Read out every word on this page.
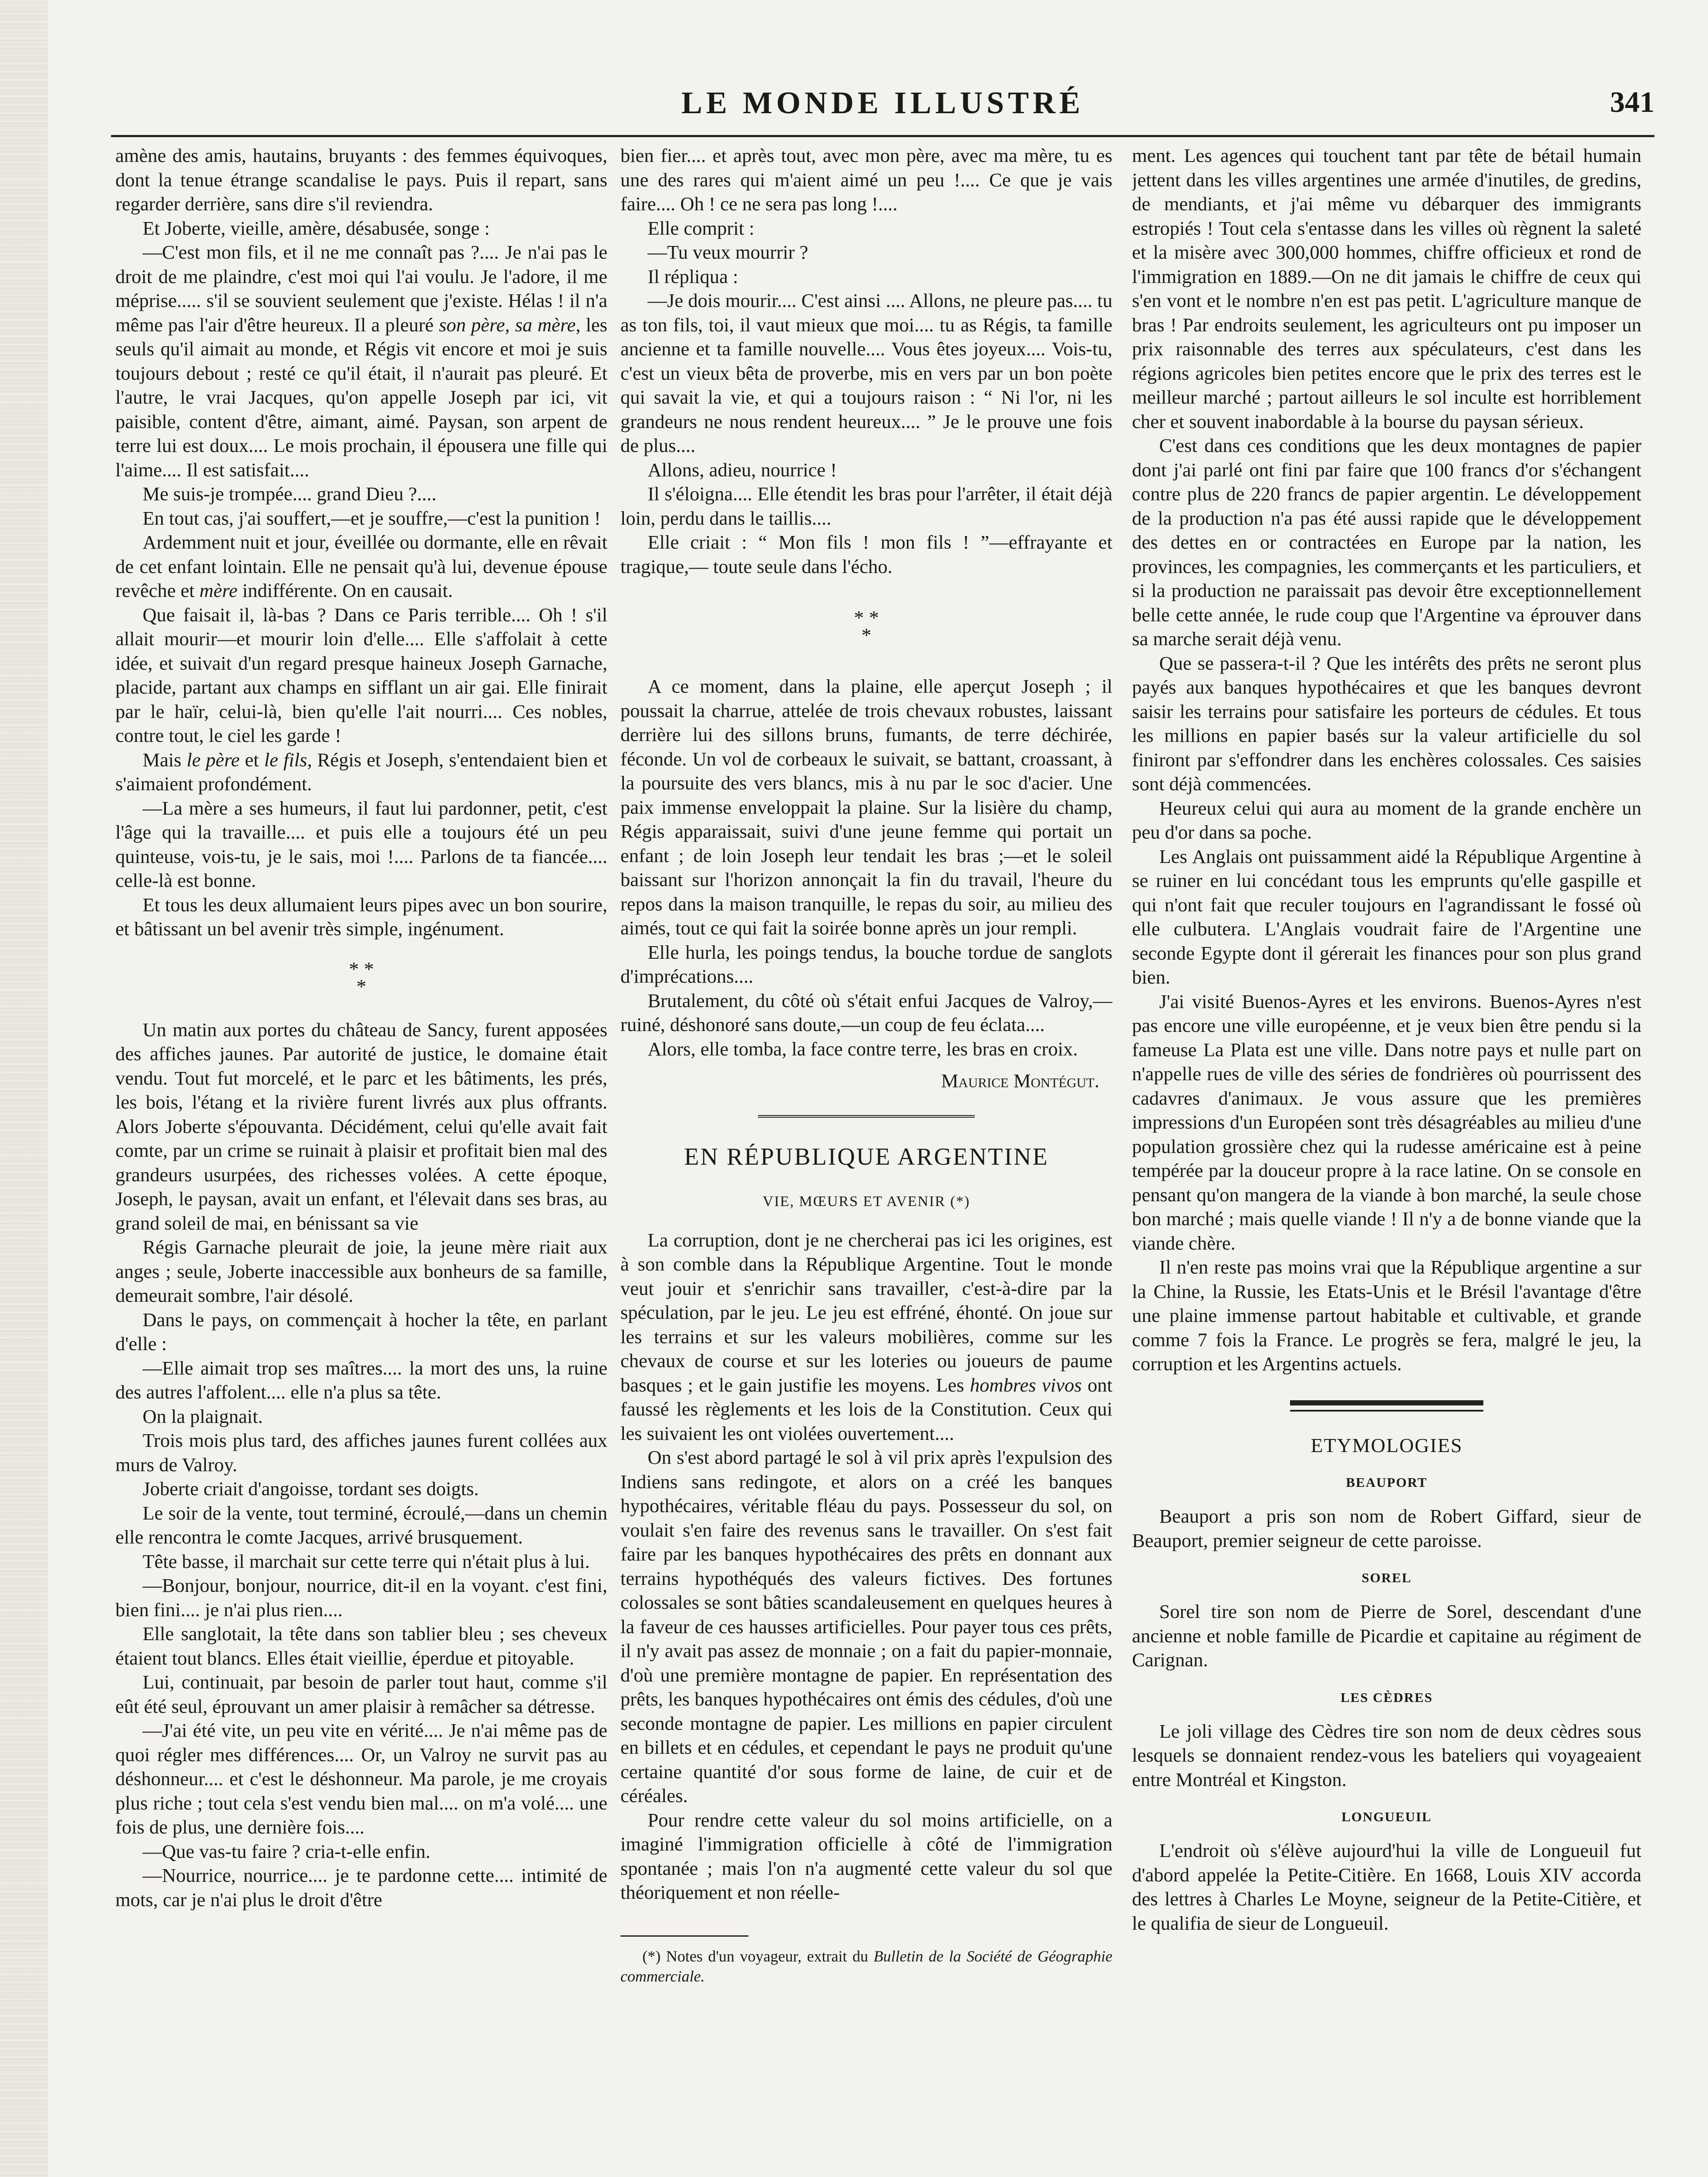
LE MONDE ILLUSTRÉ	341

amène des amis, hautains, bruyants : des femmes équivoques, dont la tenue étrange scandalise le pays. Puis il repart, sans regarder derrière, sans dire s'il reviendra.

Et Joberte, vieille, amère, désabusée, songe :

—C'est mon fils, et il ne me connaît pas ?.... Je n'ai pas le droit de me plaindre, c'est moi qui l'ai voulu. Je l'adore, il me méprise..... s'il se souvient seulement que j'existe. Hélas ! il n'a même pas l'air d'être heureux. Il a pleuré son père, sa mère, les seuls qu'il aimait au monde, et Régis vit encore et moi je suis toujours debout ; resté ce qu'il était, il n'aurait pas pleuré. Et l'autre, le vrai Jacques, qu'on appelle Joseph par ici, vit paisible, content d'être, aimant, aimé. Paysan, son arpent de terre lui est doux.... Le mois prochain, il épousera une fille qui l'aime.... Il est satisfait....

Me suis-je trompée.... grand Dieu ?....

En tout cas, j'ai souffert,—et je souffre,—c'est la punition !

Ardemment nuit et jour, éveillée ou dormante, elle en rêvait de cet enfant lointain. Elle ne pensait qu'à lui, devenue épouse revêche et mère indifférente. On en causait.

Que faisait il, là-bas ? Dans ce Paris terrible.... Oh ! s'il allait mourir—et mourir loin d'elle.... Elle s'affolait à cette idée, et suivait d'un regard presque haineux Joseph Garnache, placide, partant aux champs en sifflant un air gai. Elle finirait par le haïr, celui-là, bien qu'elle l'ait nourri.... Ces nobles, contre tout, le ciel les garde !

Mais le père et le fils, Régis et Joseph, s'entendaient bien et s'aimaient profondément.

—La mère a ses humeurs, il faut lui pardonner, petit, c'est l'âge qui la travaille.... et puis elle a toujours été un peu quinteuse, vois-tu, je le sais, moi !.... Parlons de ta fiancée.... celle-là est bonne.

Et tous les deux allumaient leurs pipes avec un bon sourire, et bâtissant un bel avenir très simple, ingénument.

* *
*

Un matin aux portes du château de Sancy, furent apposées des affiches jaunes. Par autorité de justice, le domaine était vendu. Tout fut morcelé, et le parc et les bâtiments, les prés, les bois, l'étang et la rivière furent livrés aux plus offrants. Alors Joberte s'épouvanta. Décidément, celui qu'elle avait fait comte, par un crime se ruinait à plaisir et profitait bien mal des grandeurs usurpées, des richesses volées. A cette époque, Joseph, le paysan, avait un enfant, et l'élevait dans ses bras, au grand soleil de mai, en bénissant sa vie

Régis Garnache pleurait de joie, la jeune mère riait aux anges ; seule, Joberte inaccessible aux bonheurs de sa famille, demeurait sombre, l'air désolé.

Dans le pays, on commençait à hocher la tête, en parlant d'elle :

—Elle aimait trop ses maîtres.... la mort des uns, la ruine des autres l'affolent.... elle n'a plus sa tête.

On la plaignait.

Trois mois plus tard, des affiches jaunes furent collées aux murs de Valroy.

Joberte criait d'angoisse, tordant ses doigts.

Le soir de la vente, tout terminé, écroulé,—dans un chemin elle rencontra le comte Jacques, arrivé brusquement.

Tête basse, il marchait sur cette terre qui n'était plus à lui.

—Bonjour, bonjour, nourrice, dit-il en la voyant. c'est fini, bien fini.... je n'ai plus rien....

Elle sanglotait, la tête dans son tablier bleu ; ses cheveux étaient tout blancs. Elles était vieillie, éperdue et pitoyable.

Lui, continuait, par besoin de parler tout haut, comme s'il eût été seul, éprouvant un amer plaisir à remâcher sa détresse.

—J'ai été vite, un peu vite en vérité.... Je n'ai même pas de quoi régler mes différences.... Or, un Valroy ne survit pas au déshonneur.... et c'est le déshonneur. Ma parole, je me croyais plus riche ; tout cela s'est vendu bien mal.... on m'a volé.... une fois de plus, une dernière fois....

—Que vas-tu faire ? cria-t-elle enfin.

—Nourrice, nourrice.... je te pardonne cette.... intimité de mots, car je n'ai plus le droit d'être

bien fier.... et après tout, avec mon père, avec ma mère, tu es une des rares qui m'aient aimé un peu !.... Ce que je vais faire.... Oh ! ce ne sera pas long !....

Elle comprit :

—Tu veux mourrir ?

Il répliqua :

—Je dois mourir.... C'est ainsi .... Allons, ne pleure pas.... tu as ton fils, toi, il vaut mieux que moi.... tu as Régis, ta famille ancienne et ta famille nouvelle.... Vous êtes joyeux.... Vois-tu, c'est un vieux bêta de proverbe, mis en vers par un bon poète qui savait la vie, et qui a toujours raison : “ Ni l'or, ni les grandeurs ne nous rendent heureux.... ” Je le prouve une fois de plus....

Allons, adieu, nourrice !

Il s'éloigna.... Elle étendit les bras pour l'arrêter, il était déjà loin, perdu dans le taillis....

Elle criait : “ Mon fils ! mon fils ! ”—effrayante et tragique,— toute seule dans l'écho.

* *
*

A ce moment, dans la plaine, elle aperçut Joseph ; il poussait la charrue, attelée de trois chevaux robustes, laissant derrière lui des sillons bruns, fumants, de terre déchirée, féconde. Un vol de corbeaux le suivait, se battant, croassant, à la poursuite des vers blancs, mis à nu par le soc d'acier. Une paix immense enveloppait la plaine. Sur la lisière du champ, Régis apparaissait, suivi d'une jeune femme qui portait un enfant ; de loin Joseph leur tendait les bras ;—et le soleil baissant sur l'horizon annonçait la fin du travail, l'heure du repos dans la maison tranquille, le repas du soir, au milieu des aimés, tout ce qui fait la soirée bonne après un jour rempli.

Elle hurla, les poings tendus, la bouche tordue de sanglots d'imprécations....

Brutalement, du côté où s'était enfui Jacques de Valroy,—ruiné, déshonoré sans doute,—un coup de feu éclata....

Alors, elle tomba, la face contre terre, les bras en croix.

Maurice Montégut.

EN RÉPUBLIQUE ARGENTINE
VIE, MŒURS ET AVENIR (*)

La corruption, dont je ne chercherai pas ici les origines, est à son comble dans la République Argentine. Tout le monde veut jouir et s'enrichir sans travailler, c'est-à-dire par la spéculation, par le jeu. Le jeu est effréné, éhonté. On joue sur les terrains et sur les valeurs mobilières, comme sur les chevaux de course et sur les loteries ou joueurs de paume basques ; et le gain justifie les moyens. Les hombres vivos ont faussé les règlements et les lois de la Constitution. Ceux qui les suivaient les ont violées ouvertement....

On s'est abord partagé le sol à vil prix après l'expulsion des Indiens sans redingote, et alors on a créé les banques hypothécaires, véritable fléau du pays. Possesseur du sol, on voulait s'en faire des revenus sans le travailler. On s'est fait faire par les banques hypothécaires des prêts en donnant aux terrains hypothéqués des valeurs fictives. Des fortunes colossales se sont bâties scandaleusement en quelques heures à la faveur de ces hausses artificielles. Pour payer tous ces prêts, il n'y avait pas assez de monnaie ; on a fait du papier-monnaie, d'où une première montagne de papier. En représentation des prêts, les banques hypothécaires ont émis des cédules, d'où une seconde montagne de papier. Les millions en papier circulent en billets et en cédules, et cependant le pays ne produit qu'une certaine quantité d'or sous forme de laine, de cuir et de céréales.

Pour rendre cette valeur du sol moins artificielle, on a imaginé l'immigration officielle à côté de l'immigration spontanée ; mais l'on n'a augmenté cette valeur du sol que théoriquement et non réelle-

(*) Notes d'un voyageur, extrait du Bulletin de la Société de Géographie commerciale.

ment. Les agences qui touchent tant par tête de bétail humain jettent dans les villes argentines une armée d'inutiles, de gredins, de mendiants, et j'ai même vu débarquer des immigrants estropiés ! Tout cela s'entasse dans les villes où règnent la saleté et la misère avec 300,000 hommes, chiffre officieux et rond de l'immigration en 1889.—On ne dit jamais le chiffre de ceux qui s'en vont et le nombre n'en est pas petit. L'agriculture manque de bras ! Par endroits seulement, les agriculteurs ont pu imposer un prix raisonnable des terres aux spéculateurs, c'est dans les régions agricoles bien petites encore que le prix des terres est le meilleur marché ; partout ailleurs le sol inculte est horriblement cher et souvent inabordable à la bourse du paysan sérieux.

C'est dans ces conditions que les deux montagnes de papier dont j'ai parlé ont fini par faire que 100 francs d'or s'échangent contre plus de 220 francs de papier argentin. Le développement de la production n'a pas été aussi rapide que le développement des dettes en or contractées en Europe par la nation, les provinces, les compagnies, les commerçants et les particuliers, et si la production ne paraissait pas devoir être exceptionnellement belle cette année, le rude coup que l'Argentine va éprouver dans sa marche serait déjà venu.

Que se passera-t-il ? Que les intérêts des prêts ne seront plus payés aux banques hypothécaires et que les banques devront saisir les terrains pour satisfaire les porteurs de cédules. Et tous les millions en papier basés sur la valeur artificielle du sol finiront par s'effondrer dans les enchères colossales. Ces saisies sont déjà commencées.

Heureux celui qui aura au moment de la grande enchère un peu d'or dans sa poche.

Les Anglais ont puissamment aidé la République Argentine à se ruiner en lui concédant tous les emprunts qu'elle gaspille et qui n'ont fait que reculer toujours en l'agrandissant le fossé où elle culbutera. L'Anglais voudrait faire de l'Argentine une seconde Egypte dont il gérerait les finances pour son plus grand bien.

J'ai visité Buenos-Ayres et les environs. Buenos-Ayres n'est pas encore une ville européenne, et je veux bien être pendu si la fameuse La Plata est une ville. Dans notre pays et nulle part on n'appelle rues de ville des séries de fondrières où pourrissent des cadavres d'animaux. Je vous assure que les premières impressions d'un Européen sont très désagréables au milieu d'une population grossière chez qui la rudesse américaine est à peine tempérée par la douceur propre à la race latine. On se console en pensant qu'on mangera de la viande à bon marché, la seule chose bon marché ; mais quelle viande ! Il n'y a de bonne viande que la viande chère.

Il n'en reste pas moins vrai que la République argentine a sur la Chine, la Russie, les Etats-Unis et le Brésil l'avantage d'être une plaine immense partout habitable et cultivable, et grande comme 7 fois la France. Le progrès se fera, malgré le jeu, la corruption et les Argentins actuels.

ETYMOLOGIES
BEAUPORT

Beauport a pris son nom de Robert Giffard, sieur de Beauport, premier seigneur de cette paroisse.

SOREL

Sorel tire son nom de Pierre de Sorel, descendant d'une ancienne et noble famille de Picardie et capitaine au régiment de Carignan.

LES CÈDRES

Le joli village des Cèdres tire son nom de deux cèdres sous lesquels se donnaient rendez-vous les bateliers qui voyageaient entre Montréal et Kingston.

LONGUEUIL

L'endroit où s'élève aujourd'hui la ville de Longueuil fut d'abord appelée la Petite-Citière. En 1668, Louis XIV accorda des lettres à Charles Le Moyne, seigneur de la Petite-Citière, et le qualifia de sieur de Longueuil.
